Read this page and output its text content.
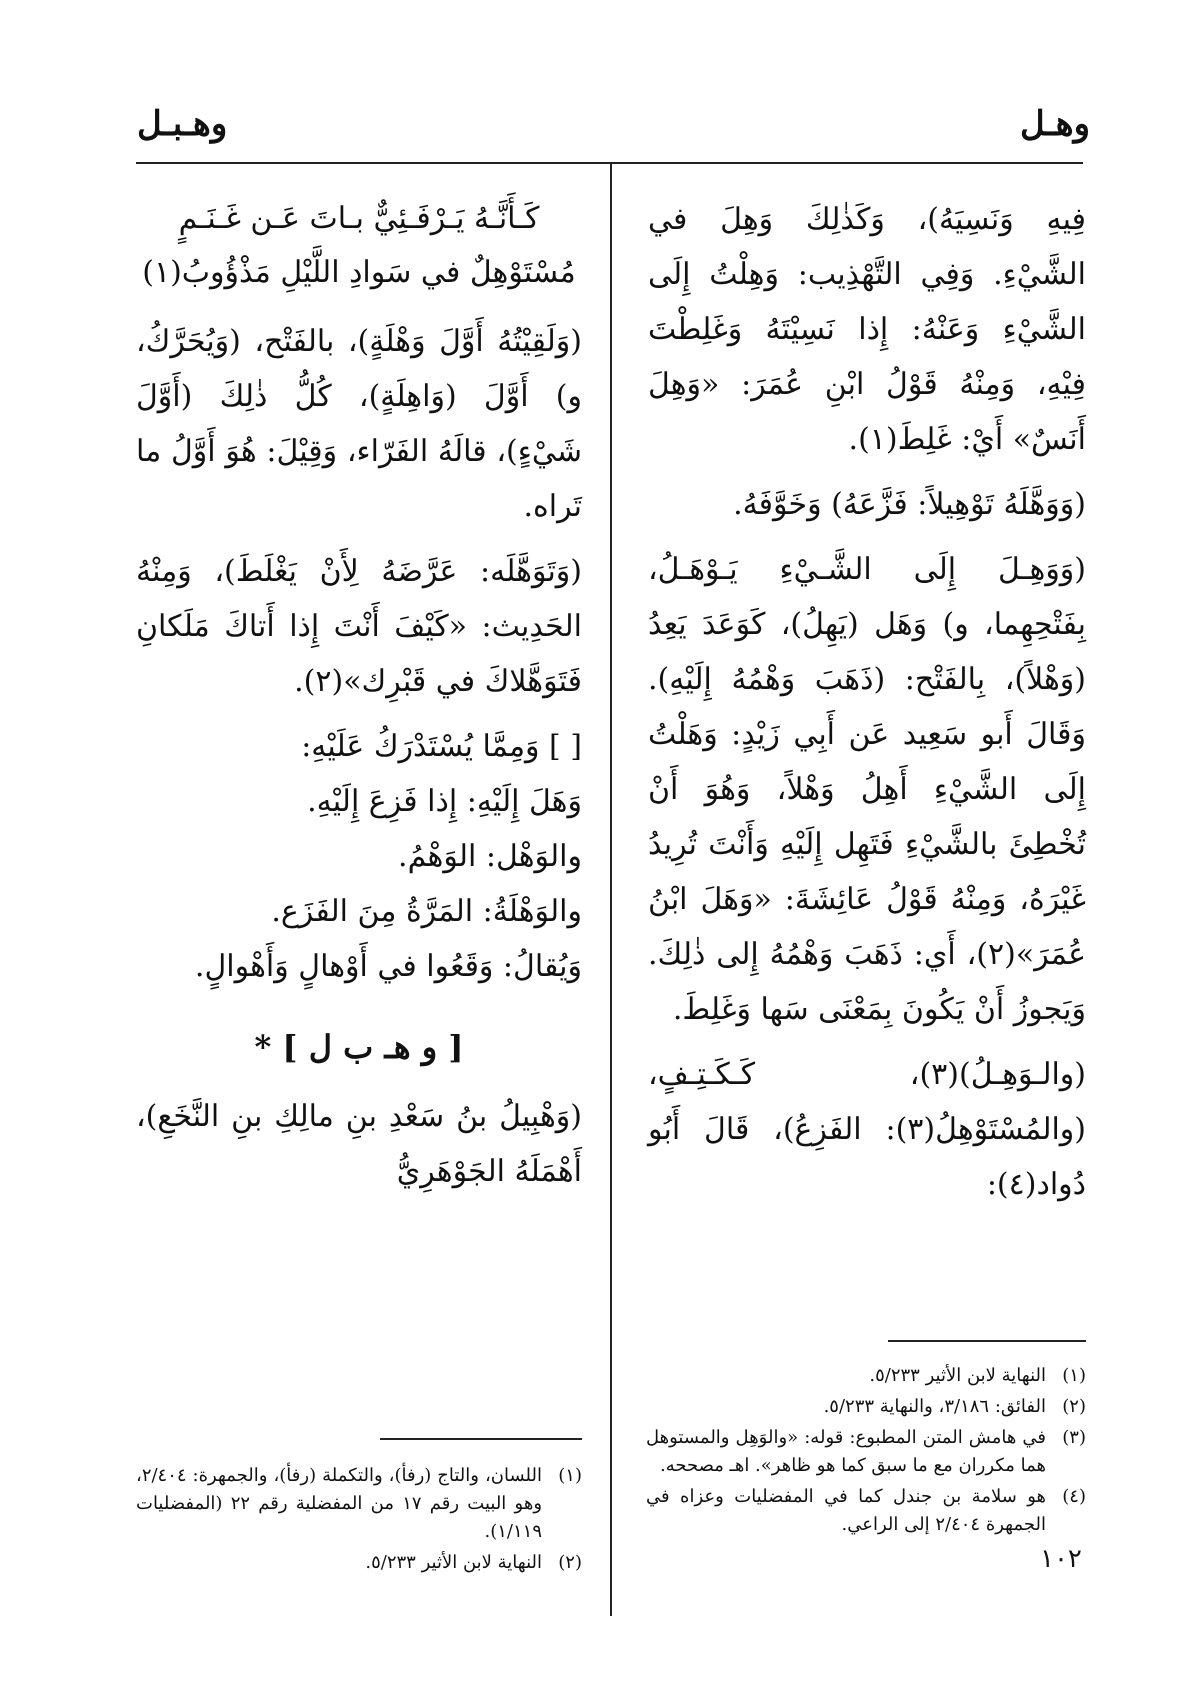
وهـل
وهـبـل

فِيهِ وَنَسِيَهُ)، وَكَذٰلِكَ وَهِلَ في الشَّيْءِ. وَفِي التَّهْذِيب: وَهِلْتُ إِلَى الشَّيْءِ وَعَنْهُ: إِذا نَسِيْتَهُ وَغَلِطْتَ فِيْهِ، وَمِنْهُ قَوْلُ ابْنِ عُمَرَ: «وَهِلَ أَنَسٌ» أَيْ: غَلِطَ(١).

(وَوَهَّلَهُ تَوْهِيلاً: فَزَّعَهُ) وَخَوَّفَهُ.

(وَوَهِـلَ إِلَى الشَّـيْءِ يَـوْهَـلُ، بِفَتْحِهِما، و) وَهَل (يَهِلُ)، كَوَعَدَ يَعِدُ (وَهْلاً)، بِالفَتْح: (ذَهَبَ وَهْمُهُ إِلَيْهِ). وَقَالَ أَبو سَعِيد عَن أَبِي زَيْدٍ: وَهَلْتُ إِلَى الشَّيْءِ أَهِلُ وَهْلاً، وَهُوَ أَنْ تُخْطِئَ بالشَّيْءِ فَتَهِل إِلَيْهِ وَأَنْتَ تُرِيدُ غَيْرَهُ، وَمِنْهُ قَوْلُ عَائِشَةَ: «وَهَلَ ابْنُ عُمَرَ»(٢)، أَي: ذَهَبَ وَهْمُهُ إِلى ذٰلِكَ. وَيَجوزُ أَنْ يَكُونَ بِمَعْنَى سَها وَغَلِطَ.

(والـوَهِـلُ)(٣)، كَـكَـتِـفٍ، (والمُسْتَوْهِلُ(٣): الفَزِعُ)، قَالَ أَبُو دُواد(٤):

(١)
النهاية لابن الأثير ٥/٢٣٣.
(٢)
الفائق: ٣/١٨٦، والنهاية ٥/٢٣٣.
(٣)
في هامش المتن المطبوع: قوله: «والوَهِل والمستوهل هما مكرران مع ما سبق كما هو ظاهر». اهـ مصححه.
(٤)
هو سلامة بن جندل كما في المفضليات وعزاه في الجمهرة ٢/٤٠٤ إلى الراعي.
كَـأَنَّـهُ يَـرْفَـئِيٌّ بـاتَ عَـن غَـنَـمٍ
مُسْتَوْهِلٌ في سَوادِ اللَّيْلِ مَذْؤُوبُ(١)

(وَلَقِيْتُهُ أَوَّلَ وَهْلَةٍ)، بالفَتْح، (وَيُحَرَّكُ، و) أَوَّلَ (وَاهِلَةٍ)، كُلُّ ذٰلِكَ (أَوَّلَ شَيْءٍ)، قالَهُ الفَرّاء، وَقِيْلَ: هُوَ أَوَّلُ ما تَراه.

(وَتَوَهَّلَه: عَرَّضَهُ لِأَنْ يَغْلَطَ)، وَمِنْهُ الحَدِيث: «كَيْفَ أَنْتَ إِذا أَتاكَ مَلَكانِ فَتَوَهَّلاكَ في قَبْرِك»(٢).

[ ] وَمِمَّا يُسْتَدْرَكُ عَلَيْهِ:

وَهَلَ إِلَيْهِ: إِذا فَزِعَ إِلَيْهِ.

والوَهْل: الوَهْمُ.

والوَهْلَةُ: المَرَّةُ مِنَ الفَزَع.

وَيُقالُ: وَقَعُوا في أَوْهالٍ وَأَهْوالٍ.

[ و هـ ب ل ] *

(وَهْبِيلُ بنُ سَعْدِ بنِ مالِكِ بنِ النَّخَعِ)، أَهْمَلَهُ الجَوْهَرِيُّ

(١)
اللسان، والتاج (رفأ)، والتكملة (رفأ)، والجمهرة: ٢/٤٠٤، وهو البيت رقم ١٧ من المفضلية رقم ٢٢ (المفضليات ١/١١٩).
(٢)
النهاية لابن الأثير ٥/٢٣٣.	١٠٢
